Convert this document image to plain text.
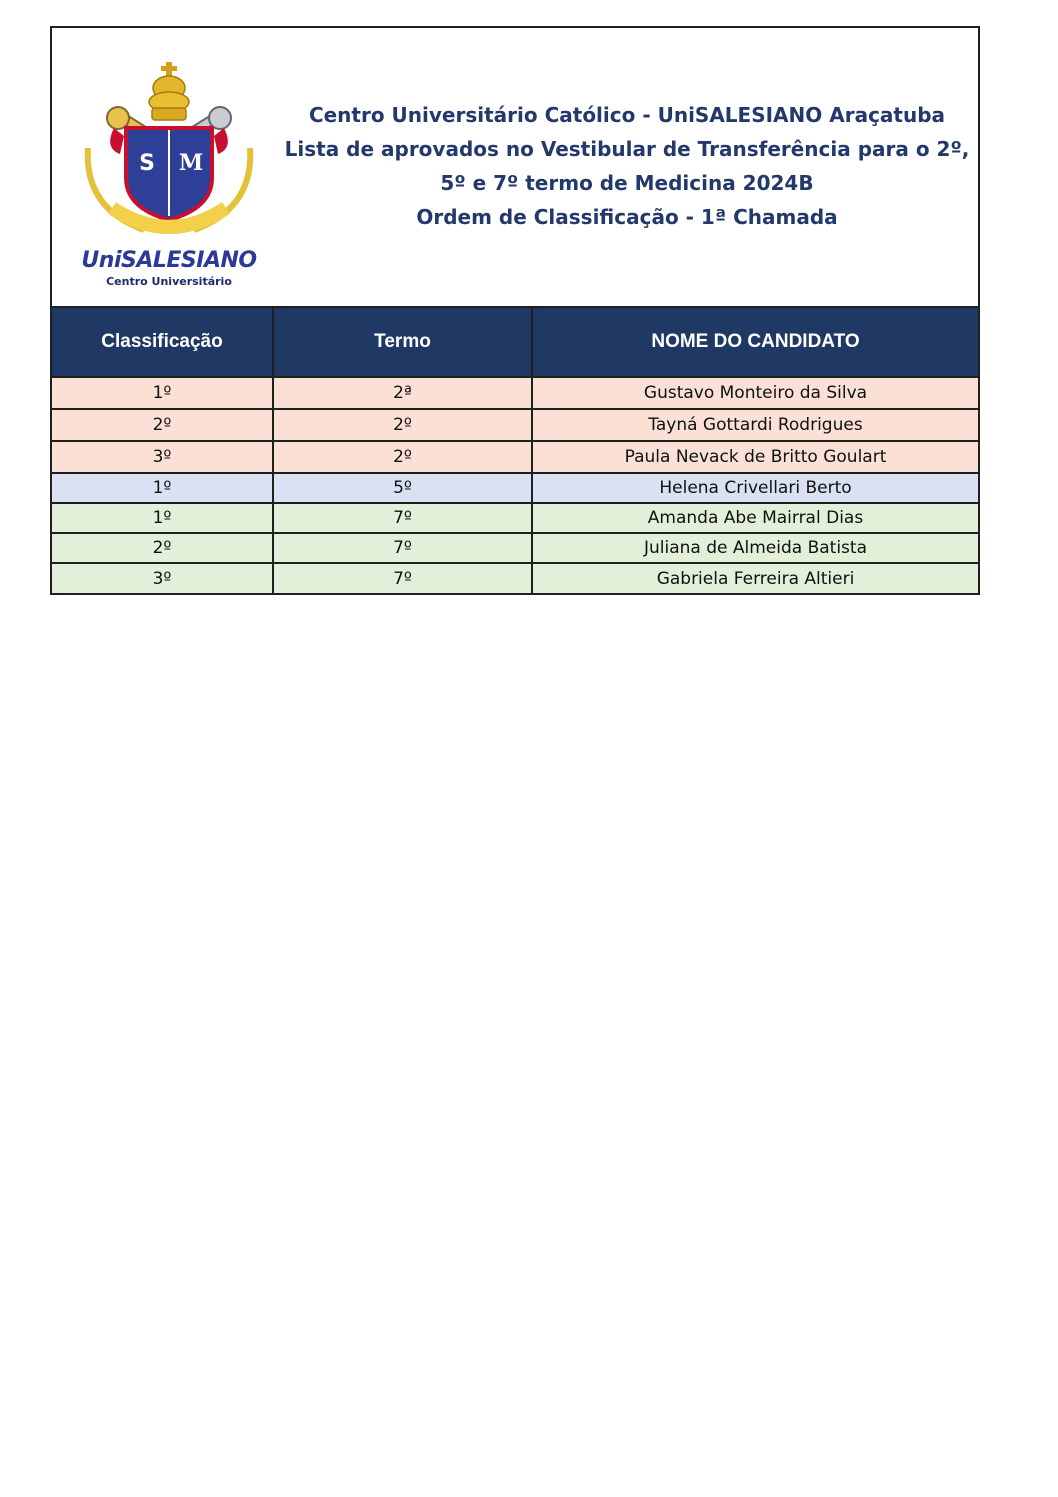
S M
UniSALESIANO
Centro Universitário
Centro Universitário Católico - UniSALESIANO Araçatuba
Lista de aprovados no Vestibular de Transferência para o 2º,
5º e 7º termo de Medicina 2024B
Ordem de Classificação - 1ª Chamada
Classificação	Termo	NOME DO CANDIDATO
1º	2ª	Gustavo Monteiro da Silva
2º	2º	Tayná Gottardi Rodrigues
3º	2º	Paula Nevack de Britto Goulart
1º	5º	Helena Crivellari Berto
1º	7º	Amanda Abe Mairral Dias
2º	7º	Juliana de Almeida Batista
3º	7º	Gabriela Ferreira Altieri
